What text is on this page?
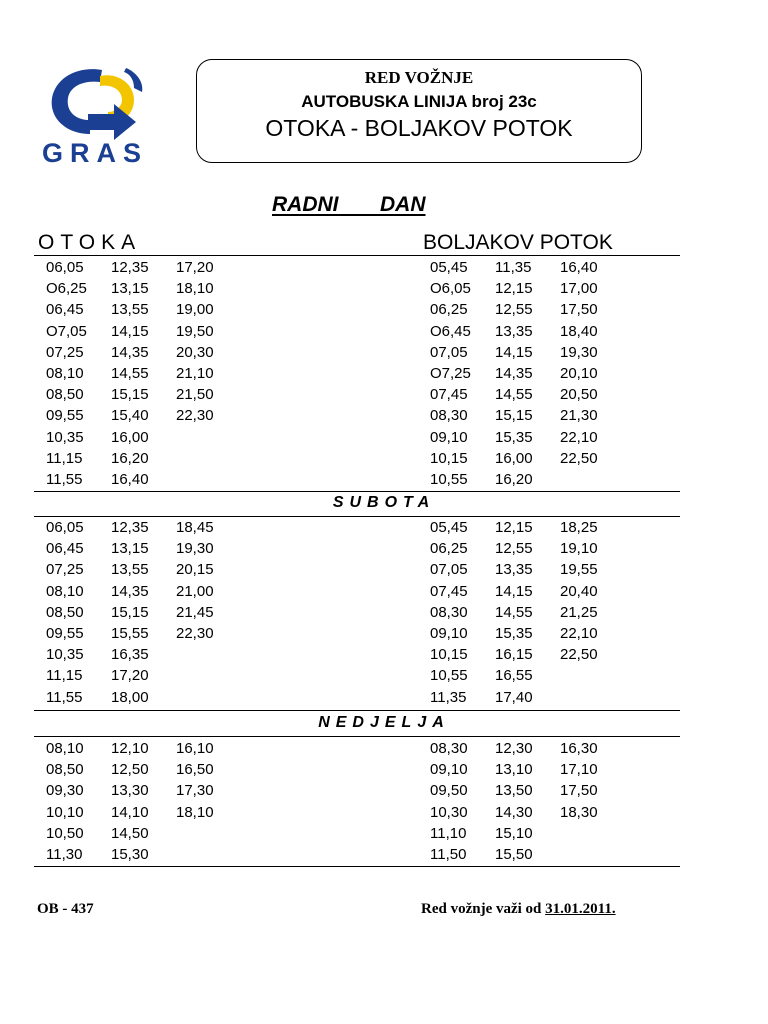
GRAS
RED VOŽNJE
AUTOBUSKA LINIJA broj 23c
OTOKA - BOLJAKOV POTOK
RADNI   DAN
OTOKA	BOLJAKOV POTOK
SUBOTA
NEDJELJA
06,05 12,35 17,20
O6,25 13,15 18,10
06,45 13,55 19,00
O7,05 14,15 19,50
07,25 14,35 20,30
08,10 14,55 21,10
08,50 15,15 21,50
09,55 15,40 22,30
10,35 16,00
11,15 16,20
11,55 16,40
05,45 11,35 16,40
O6,05 12,15 17,00
06,25 12,55 17,50
O6,45 13,35 18,40
07,05 14,15 19,30
O7,25 14,35 20,10
07,45 14,55 20,50
08,30 15,15 21,30
09,10 15,35 22,10
10,15 16,00 22,50
10,55 16,20
06,05 12,35 18,45
06,45 13,15 19,30
07,25 13,55 20,15
08,10 14,35 21,00
08,50 15,15 21,45
09,55 15,55 22,30
10,35 16,35
11,15 17,20
11,55 18,00
05,45 12,15 18,25
06,25 12,55 19,10
07,05 13,35 19,55
07,45 14,15 20,40
08,30 14,55 21,25
09,10 15,35 22,10
10,15 16,15 22,50
10,55 16,55
11,35 17,40
08,10 12,10 16,10
08,50 12,50 16,50
09,30 13,30 17,30
10,10 14,10 18,10
10,50 14,50
11,30 15,30
08,30 12,30 16,30
09,10 13,10 17,10
09,50 13,50 17,50
10,30 14,30 18,30
11,10 15,10
11,50 15,50
OB - 437	Red vožnje važi od 31.01.2011.
